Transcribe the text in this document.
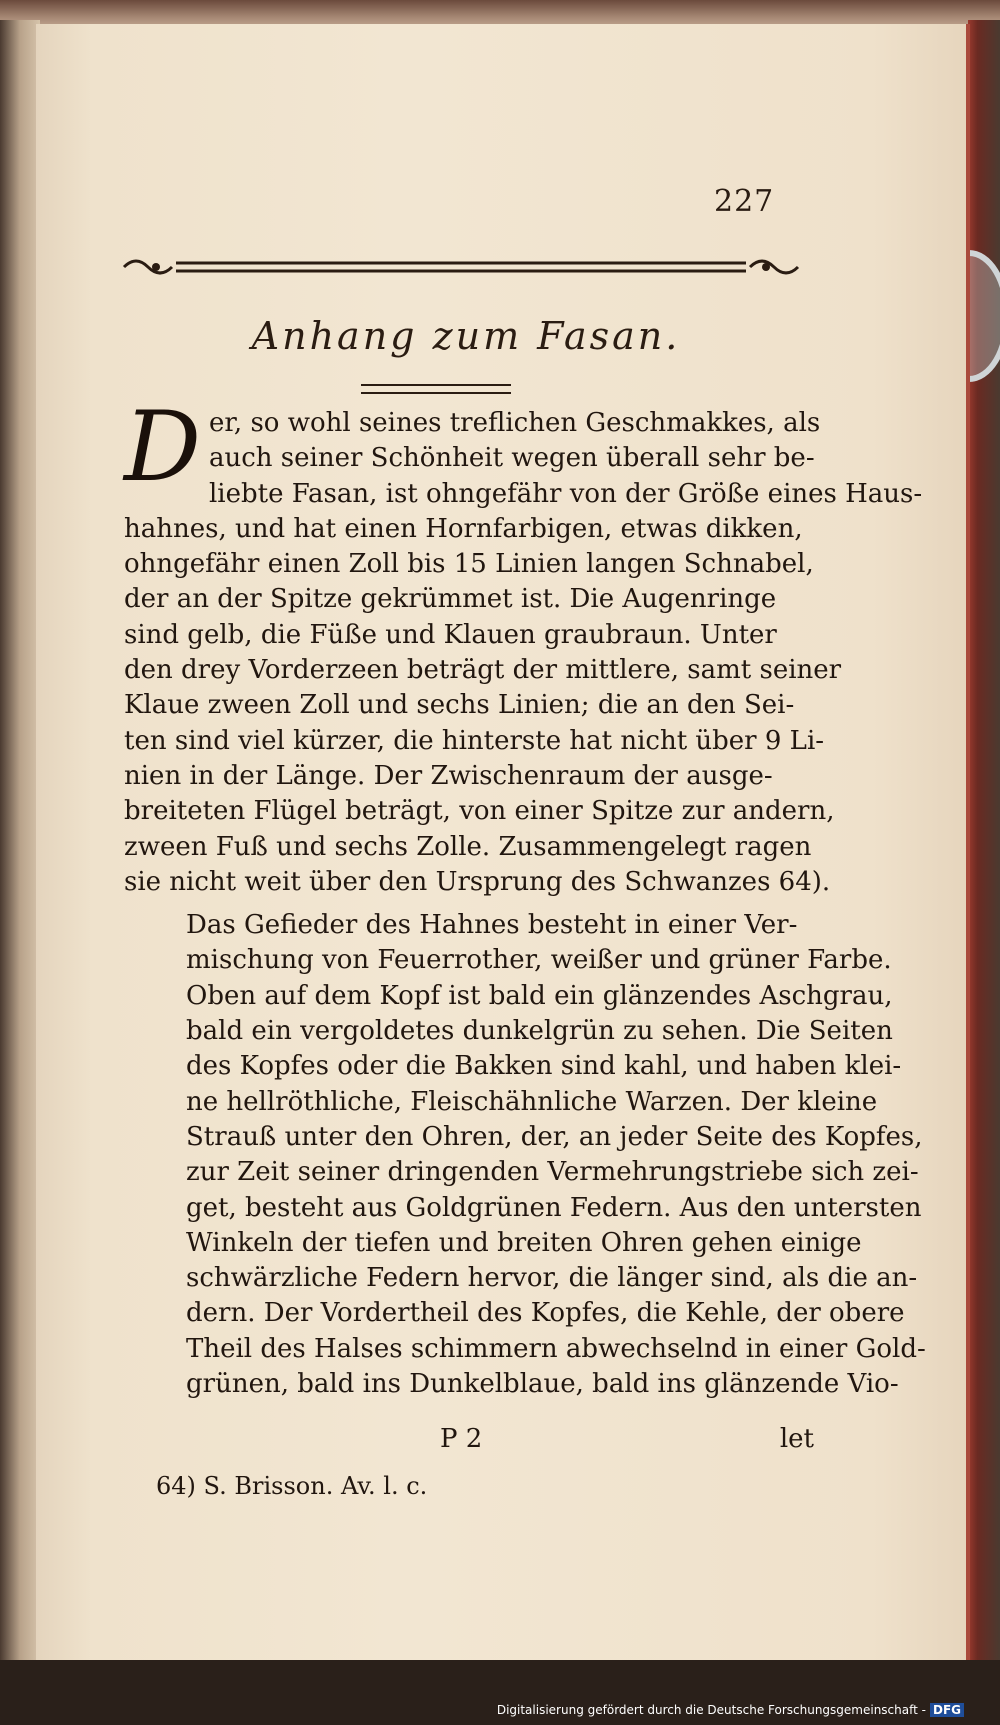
227
Anhang zum Fasan.

D er, so wohl seines treflichen Geschmakkes, als
auch seiner Schönheit wegen überall sehr be-
liebte Fasan, ist ohngefähr von der Größe eines Haus-
hahnes, und hat einen Hornfarbigen, etwas dikken,
ohngefähr einen Zoll bis 15 Linien langen Schnabel,
der an der Spitze gekrümmet ist. Die Augenringe
sind gelb, die Füße und Klauen graubraun. Unter
den drey Vorderzeen beträgt der mittlere, samt seiner
Klaue zween Zoll und sechs Linien; die an den Sei-
ten sind viel kürzer, die hinterste hat nicht über 9 Li-
nien in der Länge. Der Zwischenraum der ausge-
breiteten Flügel beträgt, von einer Spitze zur andern,
zween Fuß und sechs Zolle. Zusammengelegt ragen
sie nicht weit über den Ursprung des Schwanzes 64).

Das Gefieder des Hahnes besteht in einer Ver-
mischung von Feuerrother, weißer und grüner Farbe.
Oben auf dem Kopf ist bald ein glänzendes Aschgrau,
bald ein vergoldetes dunkelgrün zu sehen. Die Seiten
des Kopfes oder die Bakken sind kahl, und haben klei-
ne hellröthliche, Fleischähnliche Warzen. Der kleine
Strauß unter den Ohren, der, an jeder Seite des Kopfes,
zur Zeit seiner dringenden Vermehrungstriebe sich zei-
get, besteht aus Goldgrünen Federn. Aus den untersten
Winkeln der tiefen und breiten Ohren gehen einige
schwärzliche Federn hervor, die länger sind, als die an-
dern. Der Vordertheil des Kopfes, die Kehle, der obere
Theil des Halses schimmern abwechselnd in einer Gold-
grünen, bald ins Dunkelblaue, bald ins glänzende Vio-

P 2	let
64) S. Brisson. Av. l. c.
Digitalisierung gefördert durch die Deutsche Forschungsgemeinschaft - DFG
